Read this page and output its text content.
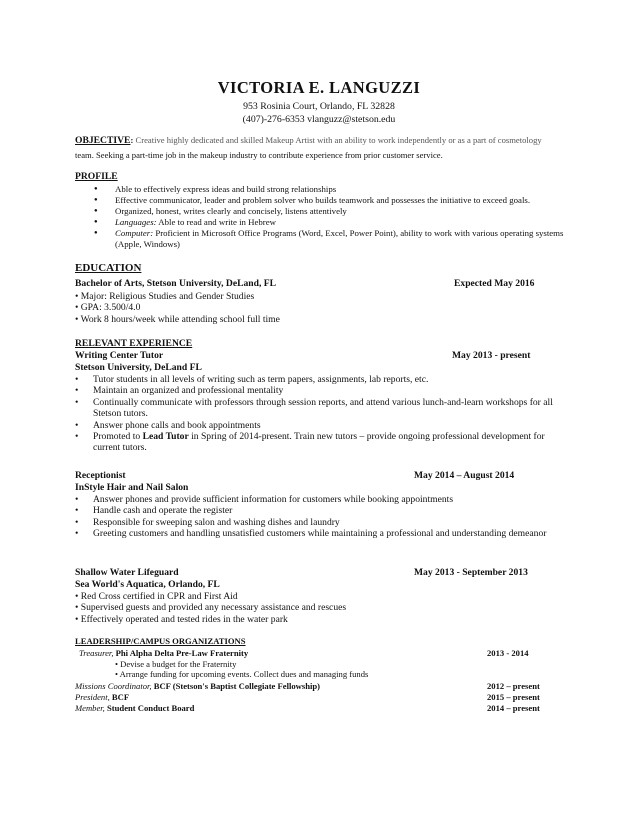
VICTORIA E. LANGUZZI
953 Rosinia Court, Orlando, FL 32828
(407)-276-6353 vlanguzz@stetson.edu
OBJECTIVE: Creative highly dedicated and skilled Makeup Artist with an ability to work independently or as a part of cosmetology
team. Seeking a part-time job in the makeup industry to contribute experience from prior customer service.
PROFILE
● Able to effectively express ideas and build strong relationships
● Effective communicator, leader and problem solver who builds teamwork and possesses the initiative to exceed goals.
● Organized, honest, writes clearly and concisely, listens attentively
● Languages: Able to read and write in Hebrew
● Computer: Proficient in Microsoft Office Programs (Word, Excel, Power Point), ability to work with various operating systems (Apple, Windows)
EDUCATION
Bachelor of Arts, Stetson University, DeLand, FL	Expected May 2016
• Major: Religious Studies and Gender Studies
• GPA: 3.500/4.0
• Work 8 hours/week while attending school full time
RELEVANT EXPERIENCE
Writing Center Tutor	May 2013 - present
Stetson University, DeLand FL
• Tutor students in all levels of writing such as term papers, assignments, lab reports, etc.
• Maintain an organized and professional mentality
• Continually communicate with professors through session reports, and attend various lunch-and-learn workshops for all Stetson tutors.
• Answer phone calls and book appointments
• Promoted to Lead Tutor in Spring of 2014-present. Train new tutors – provide ongoing professional development for current tutors.
Receptionist	May 2014 – August 2014
InStyle Hair and Nail Salon
• Answer phones and provide sufficient information for customers while booking appointments
• Handle cash and operate the register
• Responsible for sweeping salon and washing dishes and laundry
• Greeting customers and handling unsatisfied customers while maintaining a professional and understanding demeanor
Shallow Water Lifeguard	May 2013 - September 2013
Sea World's Aquatica, Orlando, FL
• Red Cross certified in CPR and First Aid
• Supervised guests and provided any necessary assistance and rescues
• Effectively operated and tested rides in the water park
LEADERSHIP/CAMPUS ORGANIZATIONS
Treasurer, Phi Alpha Delta Pre-Law Fraternity	2013 - 2014
• Devise a budget for the Fraternity
• Arrange funding for upcoming events. Collect dues and managing funds
Missions Coordinator, BCF (Stetson's Baptist Collegiate Fellowship)	2012 – present
President, BCF	2015 – present
Member, Student Conduct Board	2014 – present
